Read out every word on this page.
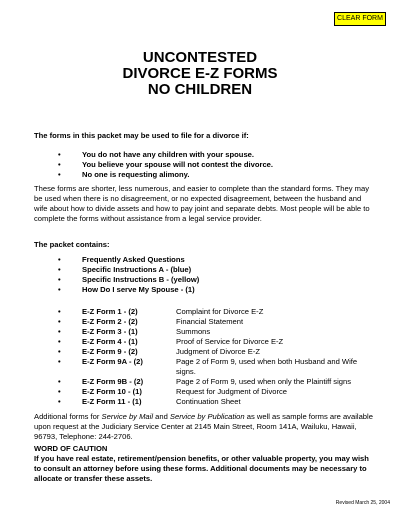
CLEAR FORM
UNCONTESTED
DIVORCE E-Z FORMS
NO CHILDREN
The forms in this packet may be used to file for a divorce if:
•	You do not have any children with your spouse.
•	You believe your spouse will not contest the divorce.
•	No one is requesting alimony.

These forms are shorter, less numerous, and easier to complete than the standard forms. They may be used when there is no disagreement, or no expected disagreement, between the husband and wife about how to divide assets and how to pay joint and separate debts. Most people will be able to complete the forms without assistance from a legal service provider.

The packet contains:
•	Frequently Asked Questions
•	Specific Instructions A - (blue)
•	Specific Instructions B - (yellow)
•	How Do I serve My Spouse - (1)
•	E-Z Form 1 - (2)	Complaint for Divorce E-Z
•	E-Z Form 2 - (2)	Financial Statement
•	E-Z Form 3 - (1)	Summons
•	E-Z Form 4 - (1)	Proof of Service for Divorce E-Z
•	E-Z Form 9 - (2)	Judgment of Divorce E-Z
•	E-Z Form 9A - (2)	Page 2 of Form 9, used when both Husband and Wife signs.
•	E-Z Form 9B - (2)	Page 2 of Form 9, used when only the Plaintiff signs
•	E-Z Form 10 - (1)	Request for Judgment of Divorce
•	E-Z Form 11 - (1)	Continuation Sheet

Additional forms for Service by Mail and Service by Publication as well as sample forms are available upon request at the Judiciary Service Center at 2145 Main Street, Room 141A, Wailuku, Hawaii, 96793, Telephone: 244-2706.

WORD OF CAUTION

If you have real estate, retirement/pension benefits, or other valuable property, you may wish to consult an attorney before using these forms. Additional documents may be necessary to allocate or transfer these assets.

Revised March 25, 2004
